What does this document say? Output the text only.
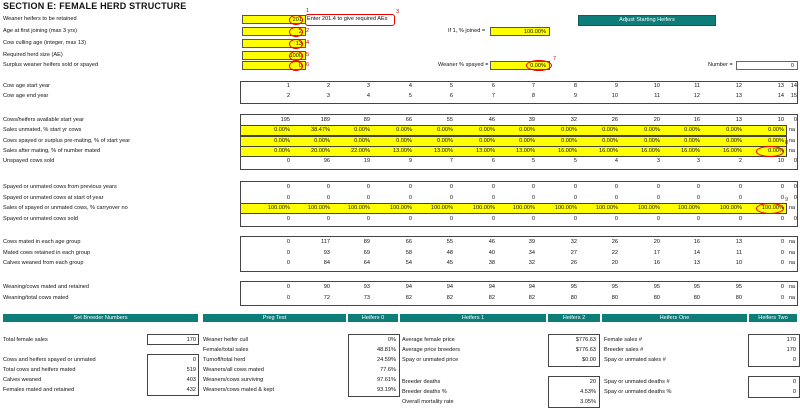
SECTION E: FEMALE HERD STRUCTURE
Weaner heifers to be retained	201
1
Age at first joining (max 3 yrs)	2 2
Cow culling age (integer, max 13)	13 4
Required herd size (AE)	1000 5
Surplus weaner heifers sold or spayed	0 6
Enter 201.4 to give required AEs
3
If 1, % joined =	100.00%
Weaner % spayed =	0.00%
7
Number =	0
Adjust Starting Heifers
Cow age start year
Cow age end year
1	2	3	4	5	6	7	8	9	10	11	12	13	14
2	3	4	5	6	7	8	9	10	11	12	13	14	15
Cows/heifers available start year	195	189	89	66	55	46	39	32	26	20	16	13	10	0
Sales unmated, % start yr cows	0.00%	38.47%	0.00%	0.00%	0.00%	0.00%	0.00%	0.00%	0.00%	0.00%	0.00%	0.00%	0.00% na
Cows spayed or surplus pre-mating, % of start year	0.00%	0.00%	0.00%	0.00%	0.00%	0.00%	0.00%	0.00%	0.00%	0.00%	0.00%	0.00%	0.00% na
Sales after mating, % of number mated	0.00%	20.00%	22.00%	13.00%	13.00%	13.00%	13.00%	16.00%	16.00%	16.00%	16.00%	16.00%	0.00% na
8
Unspayed cows sold	0	96	19	9	7	6	5	5	4	3	3	2	10	0
Spayed or unmated cows from previous years	0	0	0	0	0	0	0	0	0	0	0	0	0	0
Spayed or unmated cows at start of year	0	0	0	0	0	0	0	0	0	0	0	0	0	0
Sales of spayed or unmated cows, % carryover no	100.00%	100.00%	100.00%	100.00%	100.00%	100.00%	100.00%	100.00%	100.00%	100.00%	100.00%	100.00%	100.00% na
9
Spayed or unmated cows sold	0	0	0	0	0	0	0	0	0	0	0	0	0	0
Cows mated in each age group	0	117	89	66	55	46	39	32	26	20	16	13	0 na
Mated cows retained in each group	0	93	69	58	48	40	34	27	22	17	14	11	0 na
Calves weaned from each group	0	84	64	54	45	38	32	26	20	16	13	10	0 na
Weaning/cows mated and retained	0	90	93	94	94	94	94	95	95	95	95	95	0 na
Weaning/total cows mated	0	72	73	82	82	82	82	80	80	80	80	80	0 na
Set Breeder Numbers	Preg Test	Heifers 0	Heifers 1	Heifers 2	Heifers One	Heifers Two
Total female sales	170
Cows and heifers spayed or unmated	0
Total cows and heifers mated	519
Calves weaned	403
Females mated and retained	432
Weaner heifer cull	0%
Female/total sales	48.81%
Turnoff/total herd	24.59%
Weaners/all cows mated	77.6%
Weaners/cows surviving	97.61%
Weaners/cows mated & kept	93.19%
Average female price	$776.63
Average price breeders	$776.63
Spay or unmated price	$0.00
Breeder deaths	20
Breeder deaths %	4.53%
Overall mortality rate	3.05%
Female sales #	170
Breeder sales #	170
Spay or unmated sales #	0
Spay or unmated deaths #	0
Spay or unmated deaths %	0
